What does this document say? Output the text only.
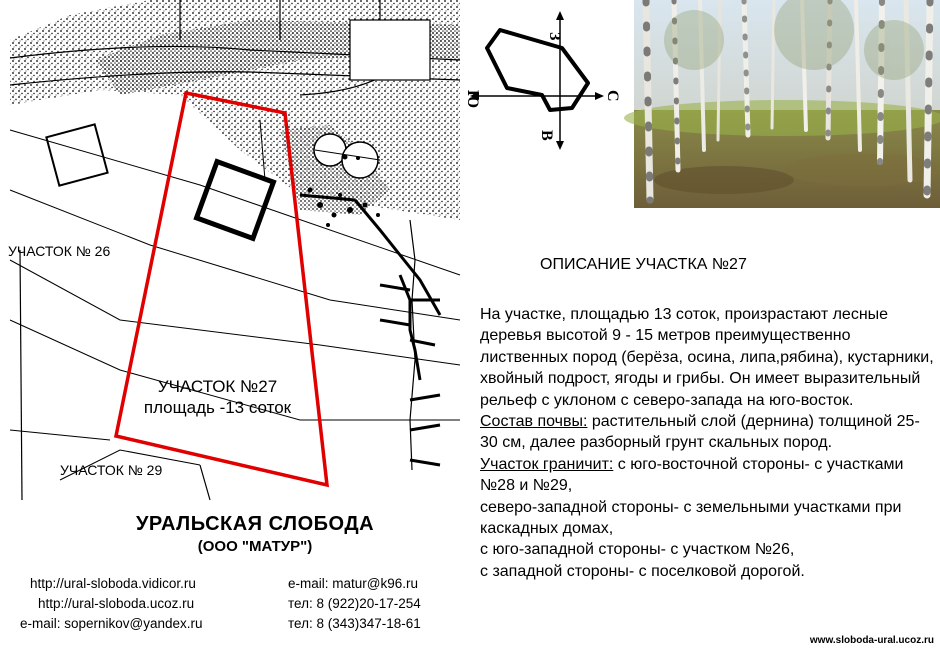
УЧАСТОК № 26
УЧАСТОК № 29
УЧАСТОК №27
площадь -13 соток
З
В
Ю	С
ОПИСАНИЕ УЧАСТКА №27

На участке, площадью 13 соток, произрастают лесные деревья высотой 9 - 15 метров преимущественно лиственных пород (берёза, осина, липа,рябина), кустарники, хвойный подрост, ягоды и грибы. Он имеет выразительный рельеф с уклоном с северо-запада на юго-восток.

Состав почвы: растительный слой (дернина) толщиной 25-30 см, далее разборный грунт скальных пород.

Участок граничит: с юго-восточной стороны- с участками №28 и №29,

северо-западной стороны- с земельными участками при каскадных домах,

с юго-западной стороны- с участком №26,

с западной стороны- с поселковой дорогой.

УРАЛЬСКАЯ СЛОБОДА
(ООО "МАТУР")
http://ural-sloboda.vidicor.ru
http://ural-sloboda.ucoz.ru
e-mail: sopernikov@yandex.ru
e-mail: matur@k96.ru
тел: 8 (922)20-17-254
тел: 8 (343)347-18-61
www.sloboda-ural.ucoz.ru
